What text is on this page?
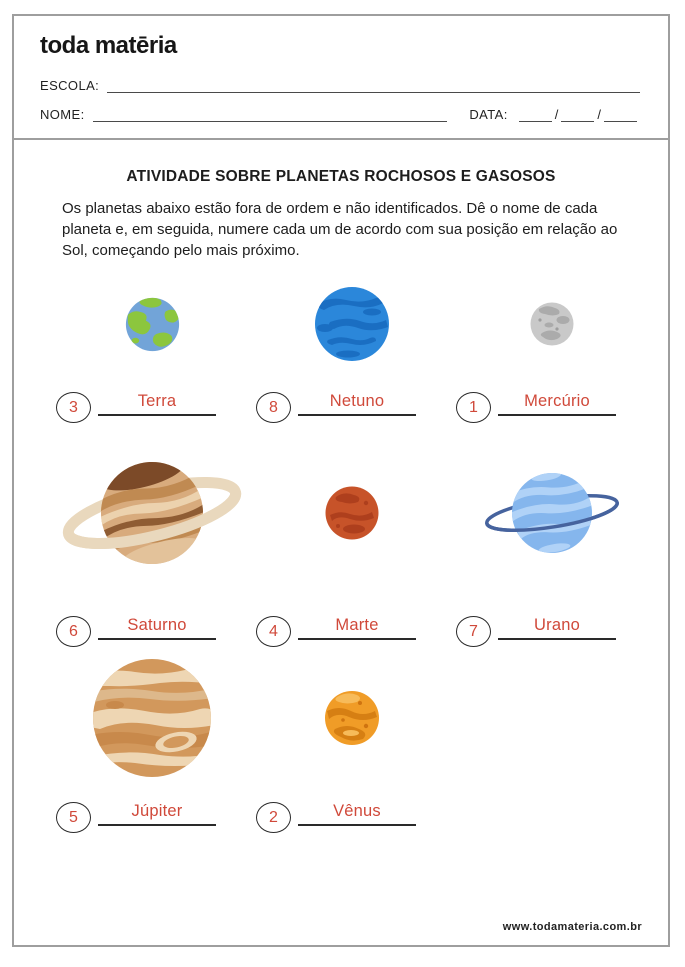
toda matēria
ESCOLA:
NOME:	DATA:	/	/
ATIVIDADE SOBRE PLANETAS ROCHOSOS E GASOSOS
Os planetas abaixo estão fora de ordem e não identificados. Dê o nome de cada planeta e, em seguida, numere cada um de acordo com sua posição em relação ao Sol, começando pelo mais próximo.
3	Terra	8	Netuno	1	Mercúrio
6	Saturno	4	Marte	7	Urano
5	Júpiter	2	Vênus
www.todamateria.com.br
